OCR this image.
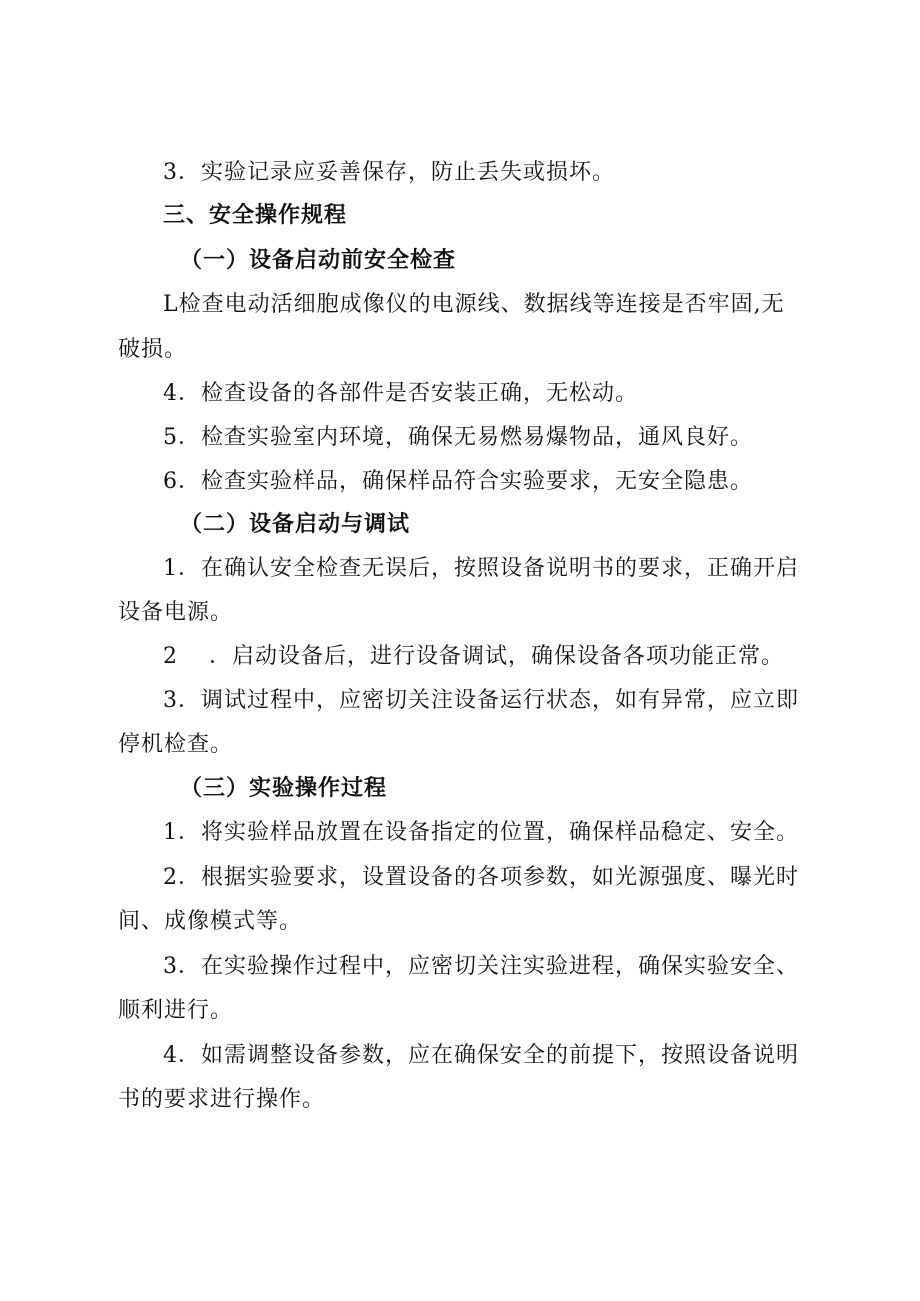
3．实验记录应妥善保存，防止丢失或损坏。
三、安全操作规程
（一）设备启动前安全检查
L检查电动活细胞成像仪的电源线、数据线等连接是否牢固,无
破损。
4．检查设备的各部件是否安装正确，无松动。
5．检查实验室内环境，确保无易燃易爆物品，通风良好。
6．检查实验样品，确保样品符合实验要求，无安全隐患。
（二）设备启动与调试
1．在确认安全检查无误后，按照设备说明书的要求，正确开启
设备电源。
2　 ．启动设备后，进行设备调试，确保设备各项功能正常。
3．调试过程中，应密切关注设备运行状态，如有异常，应立即
停机检查。
（三）实验操作过程
1．将实验样品放置在设备指定的位置，确保样品稳定、安全。
2．根据实验要求，设置设备的各项参数，如光源强度、曝光时
间、成像模式等。
3．在实验操作过程中，应密切关注实验进程，确保实验安全、
顺利进行。
4．如需调整设备参数，应在确保安全的前提下，按照设备说明
书的要求进行操作。
